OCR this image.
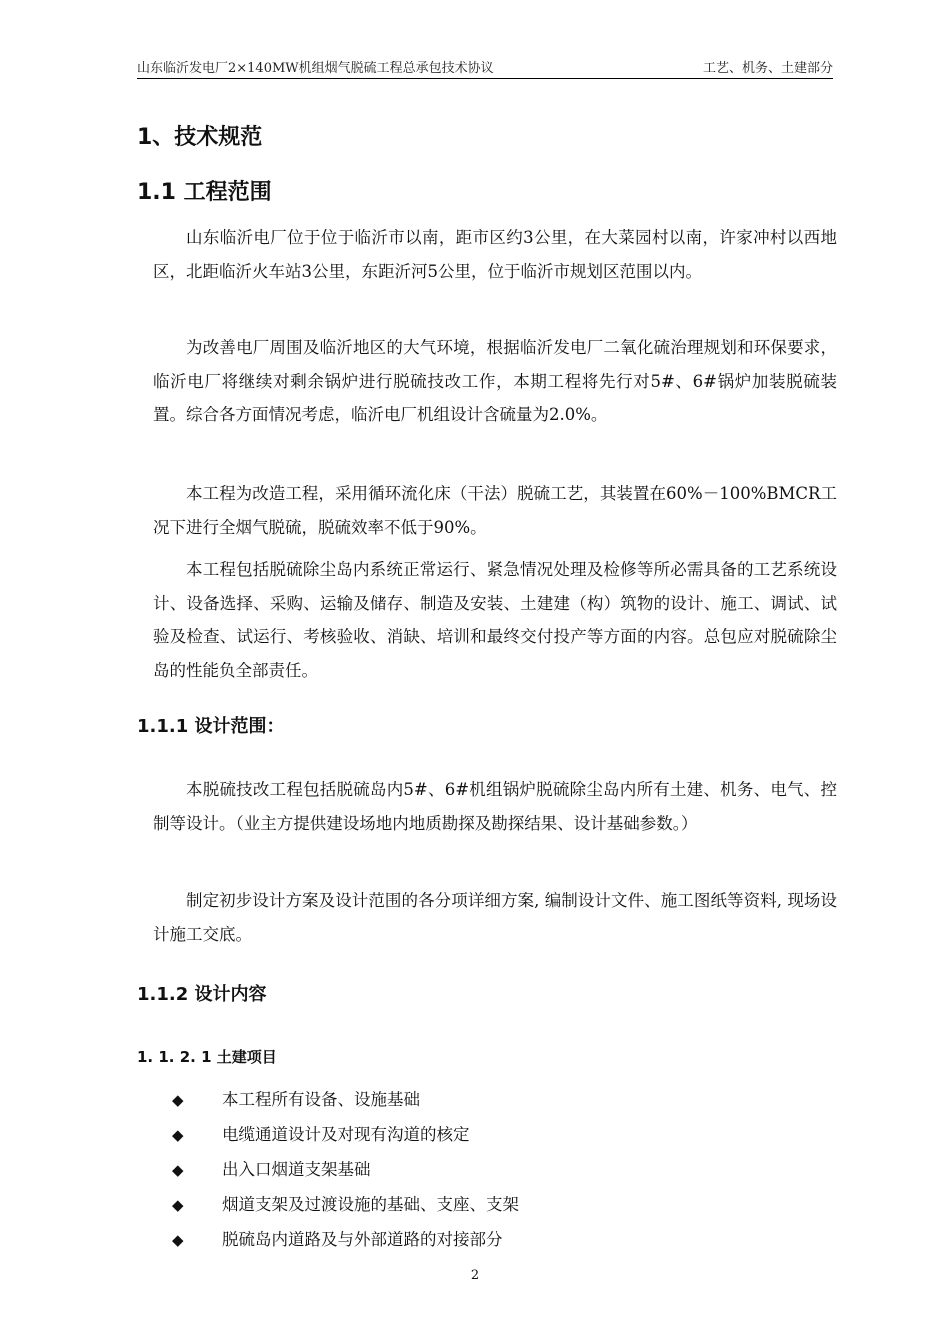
山东临沂发电厂2×140MW机组烟气脱硫工程总承包技术协议	工艺、机务、土建部分
1、技术规范
1.1 工程范围

山东临沂电厂位于位于临沂市以南，距市区约3公里，在大菜园村以南，许家冲村以西地区，北距临沂火车站3公里，东距沂河5公里，位于临沂市规划区范围以内。

为改善电厂周围及临沂地区的大气环境，根据临沂发电厂二氧化硫治理规划和环保要求，临沂电厂将继续对剩余锅炉进行脱硫技改工作，本期工程将先行对5#、6#锅炉加装脱硫装置。综合各方面情况考虑，临沂电厂机组设计含硫量为2.0%。

本工程为改造工程，采用循环流化床（干法）脱硫工艺，其装置在60%－100%BMCR工况下进行全烟气脱硫，脱硫效率不低于90%。

本工程包括脱硫除尘岛内系统正常运行、紧急情况处理及检修等所必需具备的工艺系统设计、设备选择、采购、运输及储存、制造及安装、土建建（构）筑物的设计、施工、调试、试验及检查、试运行、考核验收、消缺、培训和最终交付投产等方面的内容。总包应对脱硫除尘岛的性能负全部责任。

1.1.1 设计范围：

本脱硫技改工程包括脱硫岛内5#、6#机组锅炉脱硫除尘岛内所有土建、机务、电气、控制等设计。（业主方提供建设场地内地质勘探及勘探结果、设计基础参数。）

制定初步设计方案及设计范围的各分项详细方案, 编制设计文件、施工图纸等资料, 现场设计施工交底。

1.1.2 设计内容
1. 1. 2. 1 土建项目
◆ 本工程所有设备、设施基础
◆ 电缆通道设计及对现有沟道的核定
◆ 出入口烟道支架基础
◆ 烟道支架及过渡设施的基础、支座、支架
◆ 脱硫岛内道路及与外部道路的对接部分
2
